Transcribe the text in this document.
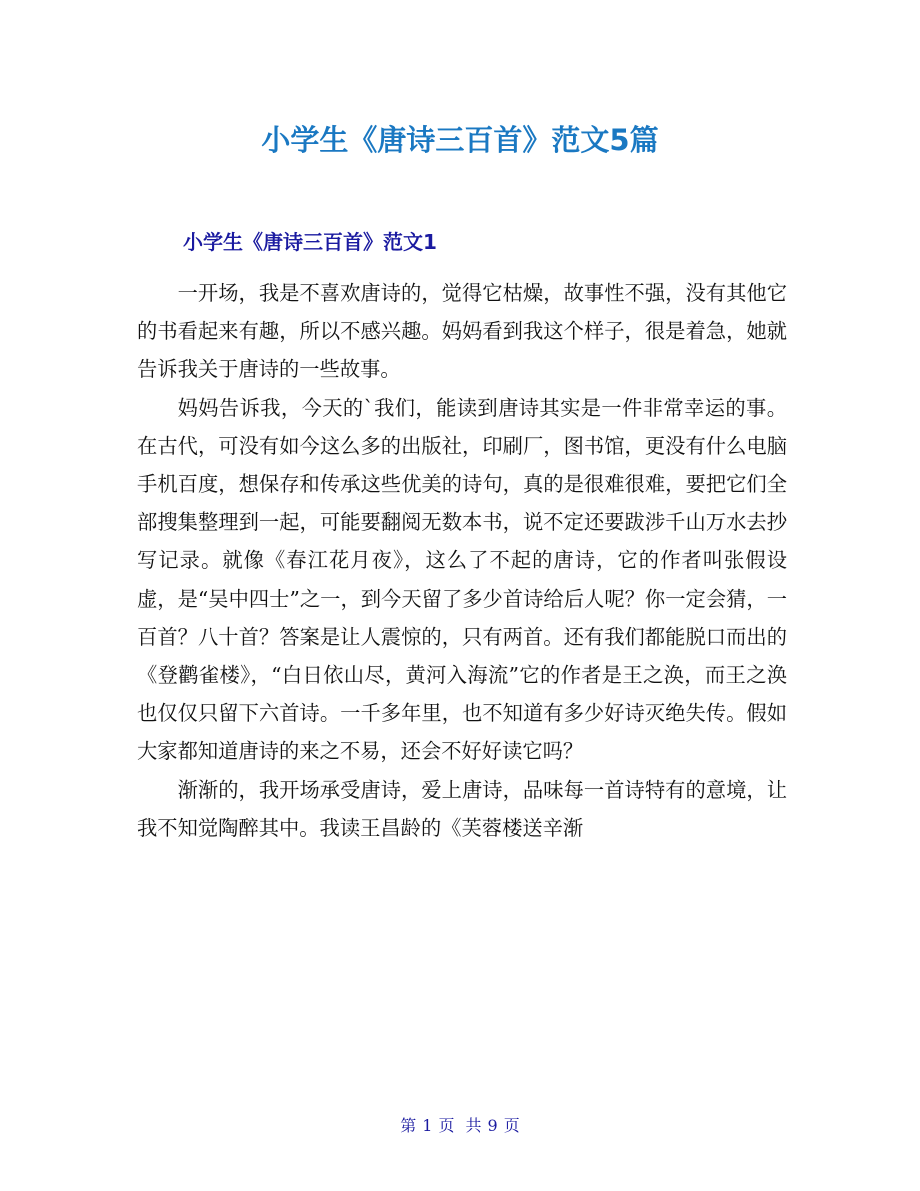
小学生《唐诗三百首》范文5篇
小学生《唐诗三百首》范文1

一开场，我是不喜欢唐诗的，觉得它枯燥，故事性不强，没有其他它的书看起来有趣，所以不感兴趣。妈妈看到我这个样子，很是着急，她就告诉我关于唐诗的一些故事。

妈妈告诉我，今天的`我们，能读到唐诗其实是一件非常幸运的事。在古代，可没有如今这么多的出版社，印刷厂，图书馆，更没有什么电脑手机百度，想保存和传承这些优美的诗句，真的是很难很难，要把它们全部搜集整理到一起，可能要翻阅无数本书，说不定还要跋涉千山万水去抄写记录。就像《春江花月夜》，这么了不起的唐诗，它的作者叫张假设虚，是“吴中四士”之一，到今天留了多少首诗给后人呢？你一定会猜，一百首？八十首？答案是让人震惊的，只有两首。还有我们都能脱口而出的《登鹳雀楼》，“白日依山尽，黄河入海流”它的作者是王之涣，而王之涣也仅仅只留下六首诗。一千多年里，也不知道有多少好诗灭绝失传。假如大家都知道唐诗的来之不易，还会不好好读它吗？

渐渐的，我开场承受唐诗，爱上唐诗，品味每一首诗特有的意境，让我不知觉陶醉其中。我读王昌龄的《芙蓉楼送辛渐

第 1 页 共 9 页
